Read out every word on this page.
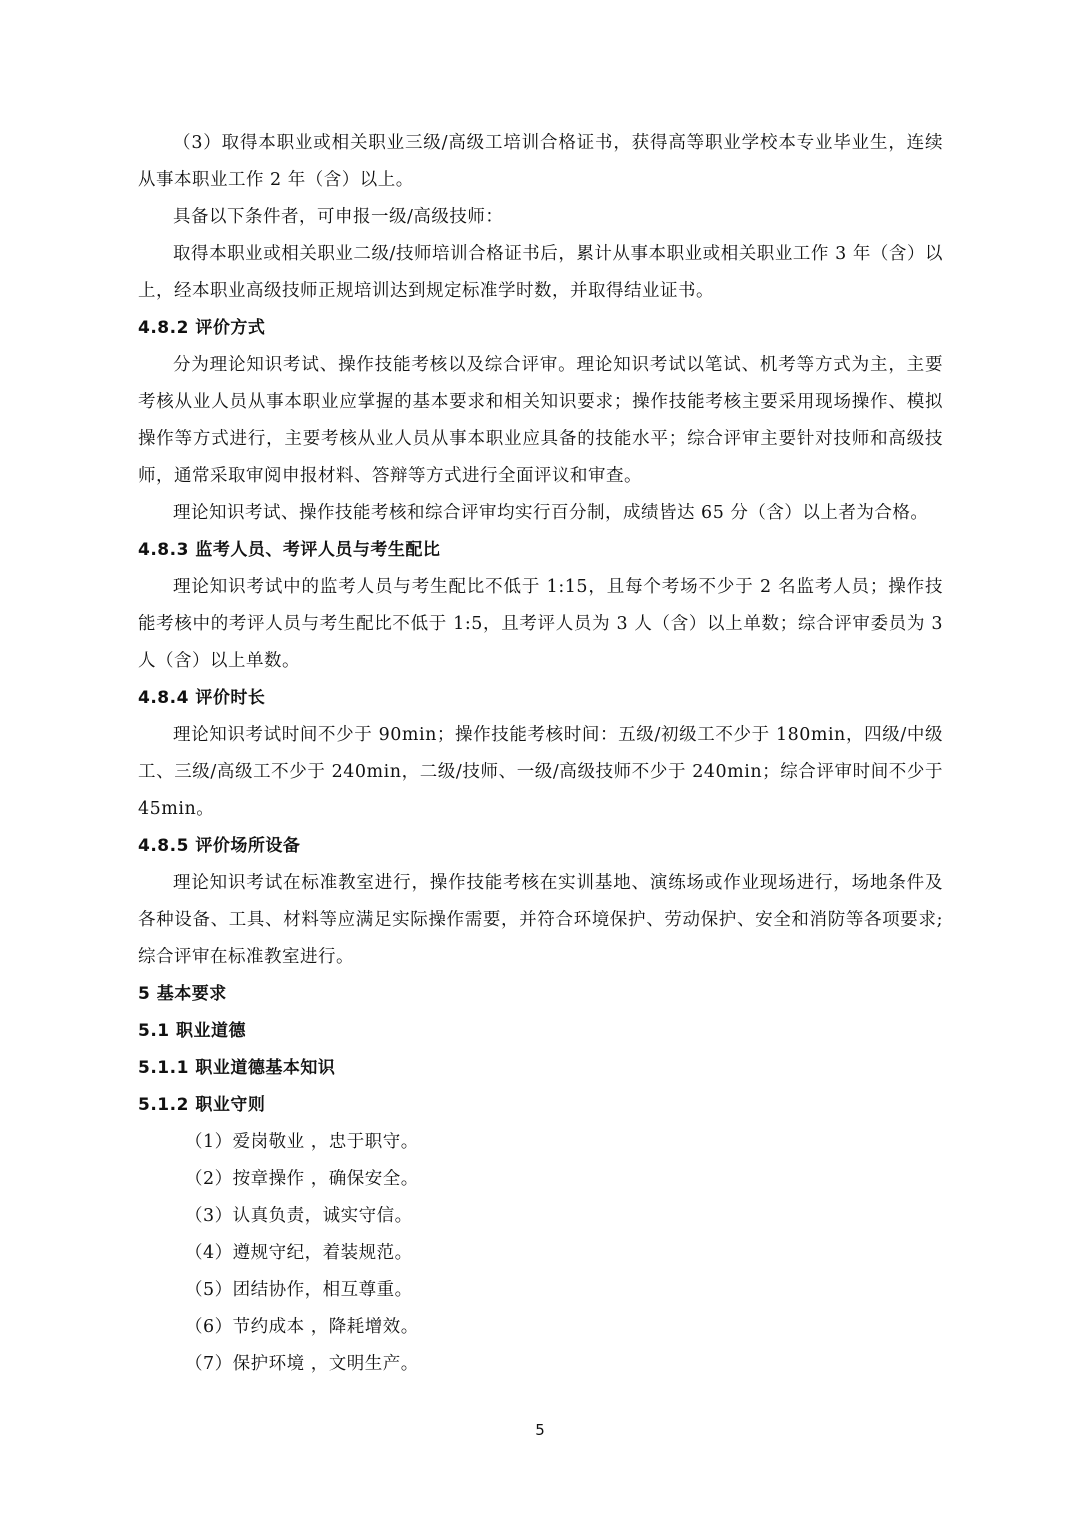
（3）取得本职业或相关职业三级/高级工培训合格证书，获得高等职业学校本专业毕业生，连续从事本职业工作 2 年（含）以上。

具备以下条件者，可申报一级/高级技师：

取得本职业或相关职业二级/技师培训合格证书后，累计从事本职业或相关职业工作 3 年（含）以上，经本职业高级技师正规培训达到规定标准学时数，并取得结业证书。

4.8.2 评价方式

分为理论知识考试、操作技能考核以及综合评审。理论知识考试以笔试、机考等方式为主，主要考核从业人员从事本职业应掌握的基本要求和相关知识要求；操作技能考核主要采用现场操作、模拟操作等方式进行，主要考核从业人员从事本职业应具备的技能水平；综合评审主要针对技师和高级技师，通常采取审阅申报材料、答辩等方式进行全面评议和审查。

理论知识考试、操作技能考核和综合评审均实行百分制，成绩皆达 65 分（含）以上者为合格。

4.8.3 监考人员、考评人员与考生配比

理论知识考试中的监考人员与考生配比不低于 1:15，且每个考场不少于 2 名监考人员；操作技能考核中的考评人员与考生配比不低于 1:5，且考评人员为 3 人（含）以上单数；综合评审委员为 3 人（含）以上单数。

4.8.4 评价时长

理论知识考试时间不少于 90min；操作技能考核时间：五级/初级工不少于 180min，四级/中级工、三级/高级工不少于 240min，二级/技师、一级/高级技师不少于 240min；综合评审时间不少于 45min。

4.8.5 评价场所设备

理论知识考试在标准教室进行，操作技能考核在实训基地、演练场或作业现场进行，场地条件及各种设备、工具、材料等应满足实际操作需要，并符合环境保护、劳动保护、安全和消防等各项要求;综合评审在标准教室进行。

5 基本要求

5.1 职业道德

5.1.1 职业道德基本知识

5.1.2 职业守则

（1）爱岗敬业 ，忠于职守。

（2）按章操作 ，确保安全。

（3）认真负责，诚实守信。

（4）遵规守纪，着装规范。

（5）团结协作，相互尊重。

（6）节约成本 ，降耗增效。

（7）保护环境 ，文明生产。

5
